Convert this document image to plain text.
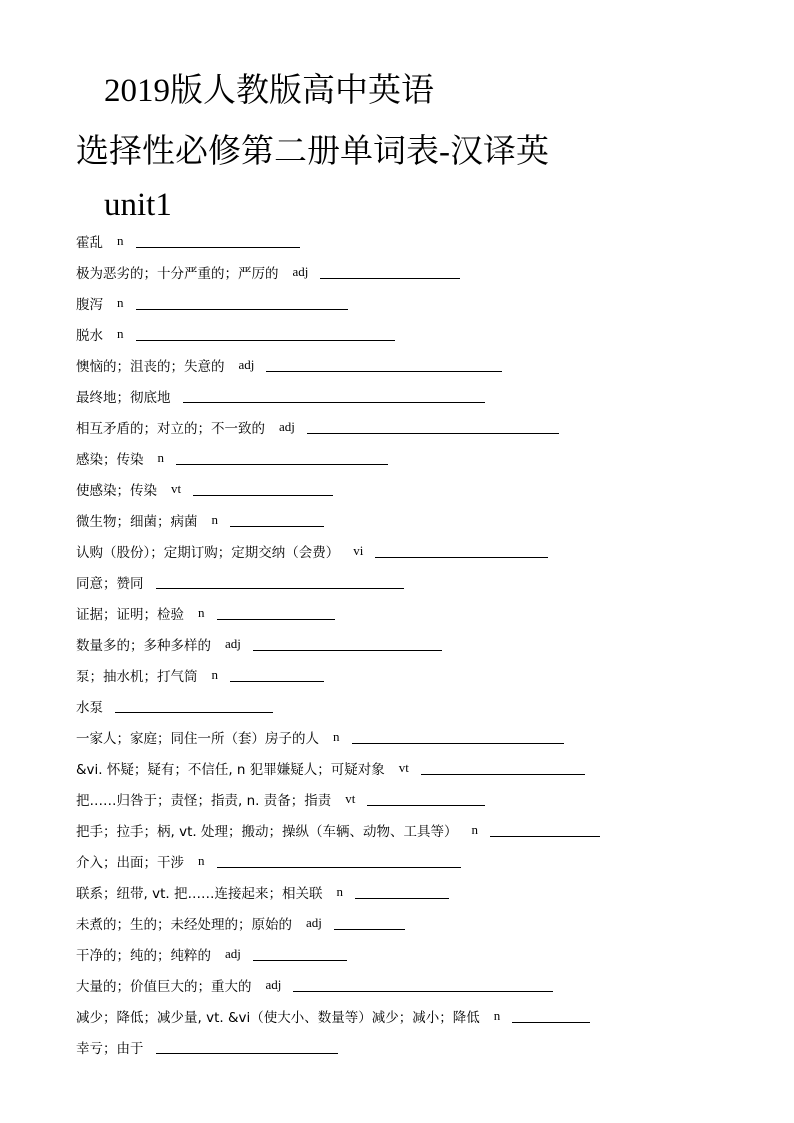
2019版人教版高中英语
选择性必修第二册单词表-汉译英
unit1
霍乱 n
极为恶劣的；十分严重的；严厉的 adj
腹泻 n
脱水 n
懊恼的；沮丧的；失意的 adj
最终地；彻底地
相互矛盾的；对立的；不一致的 adj
感染；传染 n
使感染；传染 vt
微生物；细菌；病菌 n
认购（股份）；定期订购；定期交纳（会费） vi
同意；赞同
证据；证明；检验 n
数量多的；多种多样的 adj
泵；抽水机；打气筒 n
水泵
一家人；家庭；同住一所（套）房子的人 n
&vi. 怀疑；疑有；不信任, n 犯罪嫌疑人；可疑对象 vt
把……归咎于；责怪；指责, n. 责备；指责 vt
把手；拉手；柄, vt. 处理；搬动；操纵（车辆、动物、工具等） n
介入；出面；干涉 n
联系；纽带, vt. 把……连接起来；相关联 n
未煮的；生的；未经处理的；原始的 adj
干净的；纯的；纯粹的 adj
大量的；价值巨大的；重大的 adj
减少；降低；减少量, vt. &vi（使大小、数量等）减少；减小；降低 n
幸亏；由于
